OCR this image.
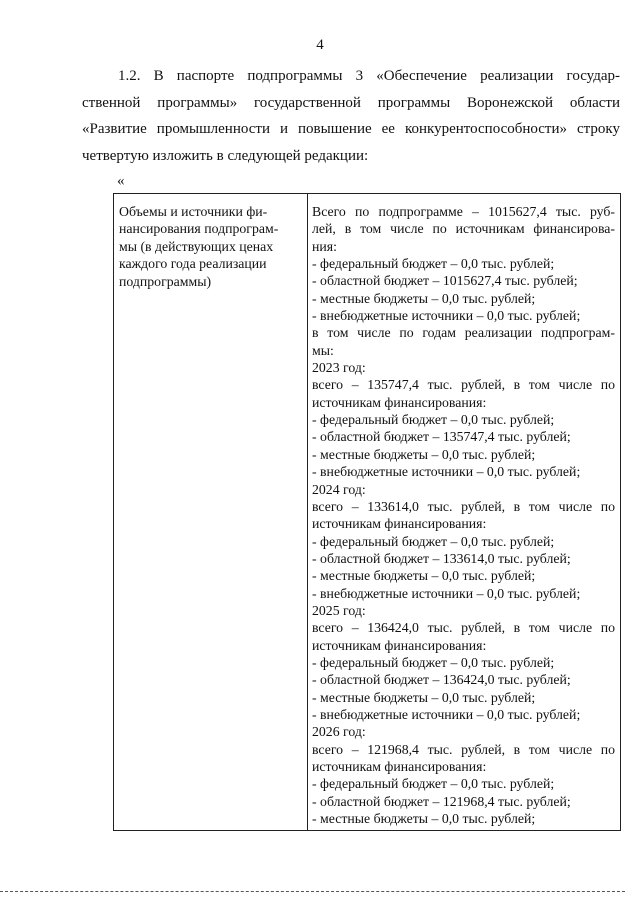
4
1.2. В паспорте подпрограммы 3 «Обеспечение реализации государ-
ственной программы» государственной программы Воронежской области
«Развитие промышленности и повышение ее конкурентоспособности» строку
четвертую изложить в следующей редакции:
«
Объемы и источники фи-
нансирования подпрограм-
мы (в действующих ценах
каждого года реализации
подпрограммы)
Всего по подпрограмме – 1015627,4 тыс. руб-
лей, в том числе по источникам финансирова-
ния:
- федеральный бюджет – 0,0 тыс. рублей;
- областной бюджет – 1015627,4 тыс. рублей;
- местные бюджеты – 0,0 тыс. рублей;
- внебюджетные источники – 0,0 тыс. рублей;
в том числе по годам реализации подпрограм-
мы:
2023 год:
всего – 135747,4 тыс. рублей, в том числе по
источникам финансирования:
- федеральный бюджет – 0,0 тыс. рублей;
- областной бюджет – 135747,4 тыс. рублей;
- местные бюджеты – 0,0 тыс. рублей;
- внебюджетные источники – 0,0 тыс. рублей;
2024 год:
всего – 133614,0 тыс. рублей, в том числе по
источникам финансирования:
- федеральный бюджет – 0,0 тыс. рублей;
- областной бюджет – 133614,0 тыс. рублей;
- местные бюджеты – 0,0 тыс. рублей;
- внебюджетные источники – 0,0 тыс. рублей;
2025 год:
всего – 136424,0 тыс. рублей, в том числе по
источникам финансирования:
- федеральный бюджет – 0,0 тыс. рублей;
- областной бюджет – 136424,0 тыс. рублей;
- местные бюджеты – 0,0 тыс. рублей;
- внебюджетные источники – 0,0 тыс. рублей;
2026 год:
всего – 121968,4 тыс. рублей, в том числе по
источникам финансирования:
- федеральный бюджет – 0,0 тыс. рублей;
- областной бюджет – 121968,4 тыс. рублей;
- местные бюджеты – 0,0 тыс. рублей;
